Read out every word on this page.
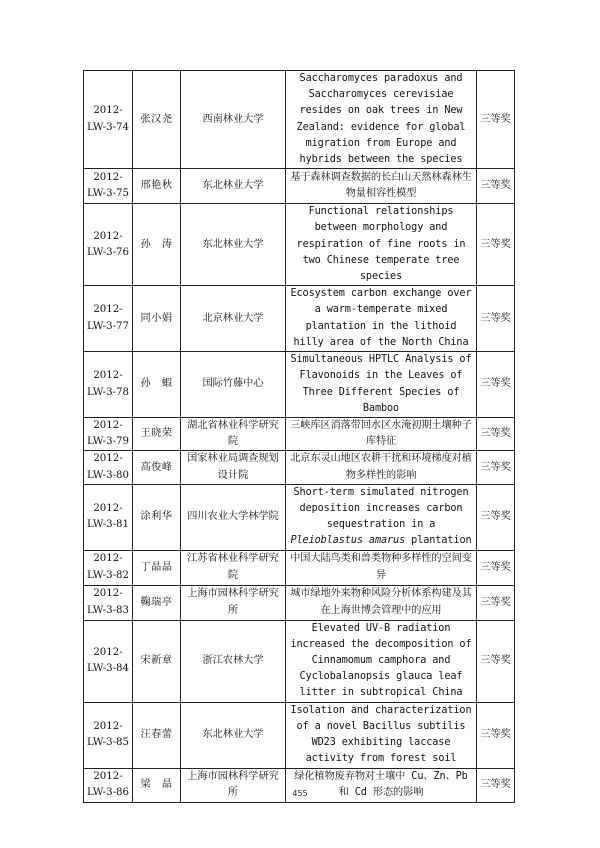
2012-LW-3-74	张汉尧	西南林业大学	Saccharomyces paradoxus and Saccharomyces cerevisiae resides on oak trees in New Zealand: evidence for global migration from Europe and hybrids between the species	三等奖
2012-LW-3-75	邢艳秋	东北林业大学	基于森林调查数据的长白山天然林森林生物量相容性模型	三等奖
2012-LW-3-76	孙　涛	东北林业大学	Functional relationships between morphology and respiration of fine roots in two Chinese temperate tree species	三等奖
2012-LW-3-77	同小娟	北京林业大学	Ecosystem carbon exchange over a warm-temperate mixed plantation in the lithoid hilly area of the North China	三等奖
2012-LW-3-78	孙　蝦	国际竹藤中心	Simultaneous HPTLC Analysis of Flavonoids in the Leaves of Three Different Species of Bamboo	三等奖
2012-LW-3-79	王晓荣	湖北省林业科学研究院	三峡库区消落带回水区水淹初期土壤种子库特征	三等奖
2012-LW-3-80	高俊峰	国家林业局调查规划设计院	北京东灵山地区农耕干扰和环境梯度对植物多样性的影响	三等奖
2012-LW-3-81	涂利华	四川农业大学林学院	Short-term simulated nitrogen deposition increases carbon sequestration in a Pleioblastus amarus plantation	三等奖
2012-LW-3-82	丁晶晶	江苏省林业科学研究院	中国大陆鸟类和兽类物种多样性的空间变异	三等奖
2012-LW-3-83	鞠瑞亭	上海市园林科学研究所	城市绿地外来物种风险分析体系构建及其在上海世博会管理中的应用	三等奖
2012-LW-3-84	宋新章	浙江农林大学	Elevated UV-B radiation increased the decomposition of Cinnamomum camphora and Cyclobalanopsis glauca leaf litter in subtropical China	三等奖
2012-LW-3-85	汪春蕾	东北林业大学	Isolation and characterization of a novel Bacillus subtilis WD23 exhibiting laccase activity from forest soil	三等奖
2012-LW-3-86	梁　晶	上海市园林科学研究所	绿化植物废弃物对土壤中 Cu、Zn、Pb 和 Cd 形态的影响	三等奖
455
